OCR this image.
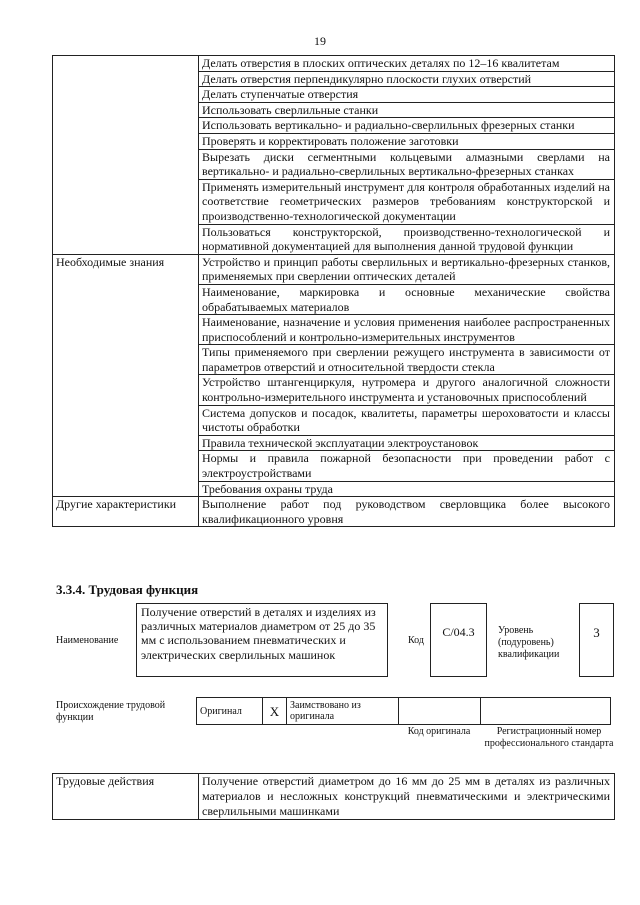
19
	Делать отверстия в плоских оптических деталях по 12–16 квалитетам
	Делать отверстия перпендикулярно плоскости глухих отверстий
	Делать ступенчатые отверстия
	Использовать сверлильные станки
	Использовать вертикально- и радиально-сверлильных фрезерных станки
	Проверять и корректировать положение заготовки
	Вырезать диски сегментными кольцевыми алмазными сверлами на вертикально- и радиально-сверлильных вертикально-фрезерных станках
	Применять измерительный инструмент для контроля обработанных изделий на соответствие геометрических размеров требованиям конструкторской и производственно-технологической документации
	Пользоваться конструкторской, производственно-технологической и нормативной документацией для выполнения данной трудовой функции
Необходимые знания	Устройство и принцип работы сверлильных и вертикально-фрезерных станков, применяемых при сверлении оптических деталей
	Наименование, маркировка и основные механические свойства обрабатываемых материалов
	Наименование, назначение и условия применения наиболее распространенных приспособлений и контрольно-измерительных инструментов
	Типы применяемого при сверлении режущего инструмента в зависимости от параметров отверстий и относительной твердости стекла
	Устройство штангенциркуля, нутромера и другого аналогичной сложности контрольно-измерительного инструмента и установочных приспособлений
	Система допусков и посадок, квалитеты, параметры шероховатости и классы чистоты обработки
	Правила технической эксплуатации электроустановок
	Нормы и правила пожарной безопасности при проведении работ с электроустройствами
	Требования охраны труда
Другие характеристики	Выполнение работ под руководством сверловщика более высокого квалификационного уровня
3.3.4. Трудовая функция
Наименование
Получение отверстий в деталях и изделиях из различных материалов диаметром от 25 до 35 мм с использованием пневматических и электрических сверлильных машинок
Код
С/04.3	Уровень (подуровень) квалификации
3
Происхождение трудовой функции
Оригинал	X	Заимствовано из оригинала		
Код оригинала	Регистрационный номер профессионального стандарта
Трудовые действия	Получение отверстий диаметром до 16 мм до 25 мм в деталях из различных материалов и несложных конструкций пневматическими и электрическими сверлильными машинками
